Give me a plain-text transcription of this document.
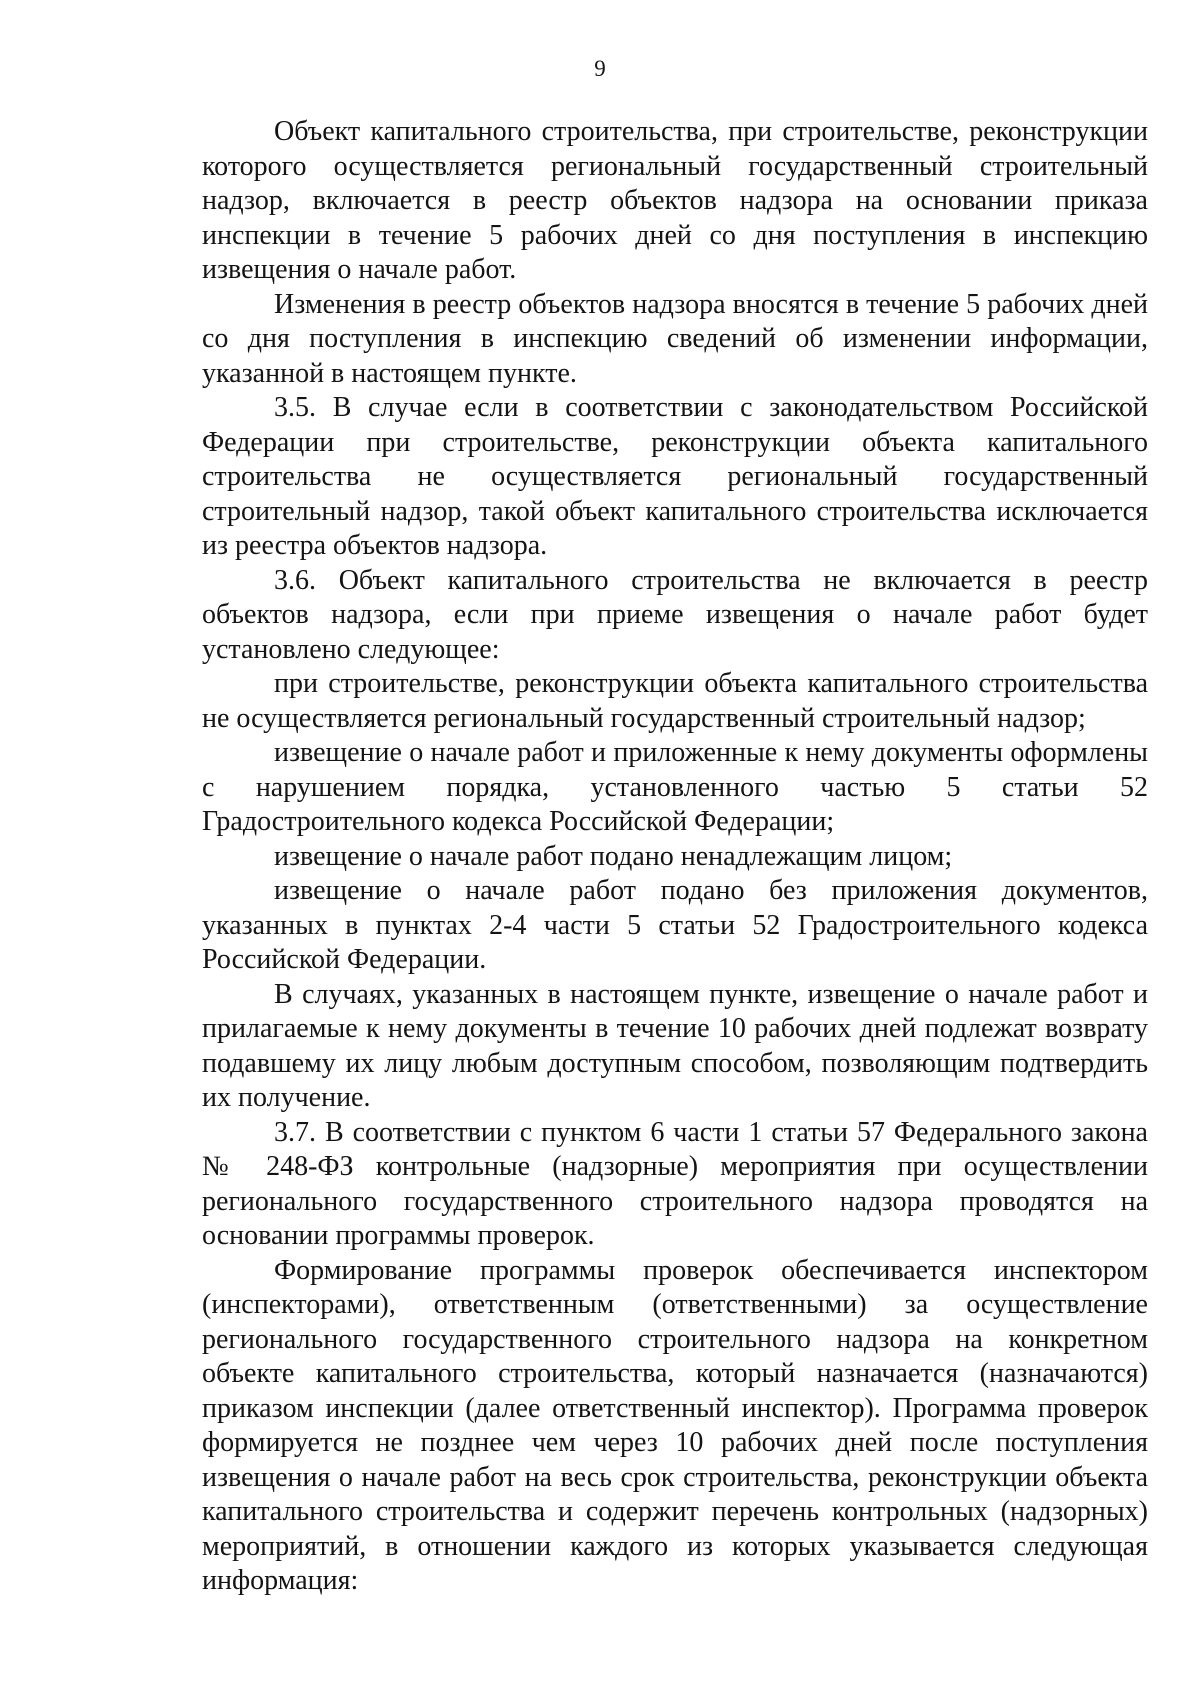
9

Объект капитального строительства, при строительстве, реконструкции которого осуществляется региональный государственный строительный надзор, включается в реестр объектов надзора на основании приказа инспекции в течение 5 рабочих дней со дня поступления в инспекцию извещения о начале работ.

Изменения в реестр объектов надзора вносятся в течение 5 рабочих дней со дня поступления в инспекцию сведений об изменении информации, указанной в настоящем пункте.

3.5. В случае если в соответствии с законодательством Российской Федерации при строительстве, реконструкции объекта капитального строительства не осуществляется региональный государственный строительный надзор, такой объект капитального строительства исключается из реестра объектов надзора.

3.6. Объект капитального строительства не включается в реестр объектов надзора, если при приеме извещения о начале работ будет установлено следующее:

при строительстве, реконструкции объекта капитального строительства не осуществляется региональный государственный строительный надзор;

извещение о начале работ и приложенные к нему документы оформлены с нарушением порядка, установленного частью 5 статьи 52 Градостроительного кодекса Российской Федерации;

извещение о начале работ подано ненадлежащим лицом;

извещение о начале работ подано без приложения документов, указанных в пунктах 2-4 части 5 статьи 52 Градостроительного кодекса Российской Федерации.

В случаях, указанных в настоящем пункте, извещение о начале работ и прилагаемые к нему документы в течение 10 рабочих дней подлежат возврату подавшему их лицу любым доступным способом, позволяющим подтвердить их получение.

3.7. В соответствии с пунктом 6 части 1 статьи 57 Федерального закона № 248-ФЗ контрольные (надзорные) мероприятия при осуществлении регионального государственного строительного надзора проводятся на основании программы проверок.

Формирование программы проверок обеспечивается инспектором (инспекторами), ответственным (ответственными) за осуществление регионального государственного строительного надзора на конкретном объекте капитального строительства, который назначается (назначаются) приказом инспекции (далее ответственный инспектор). Программа проверок формируется не позднее чем через 10 рабочих дней после поступления извещения о начале работ на весь срок строительства, реконструкции объекта капитального строительства и содержит перечень контрольных (надзорных) мероприятий, в отношении каждого из которых указывается следующая информация:
